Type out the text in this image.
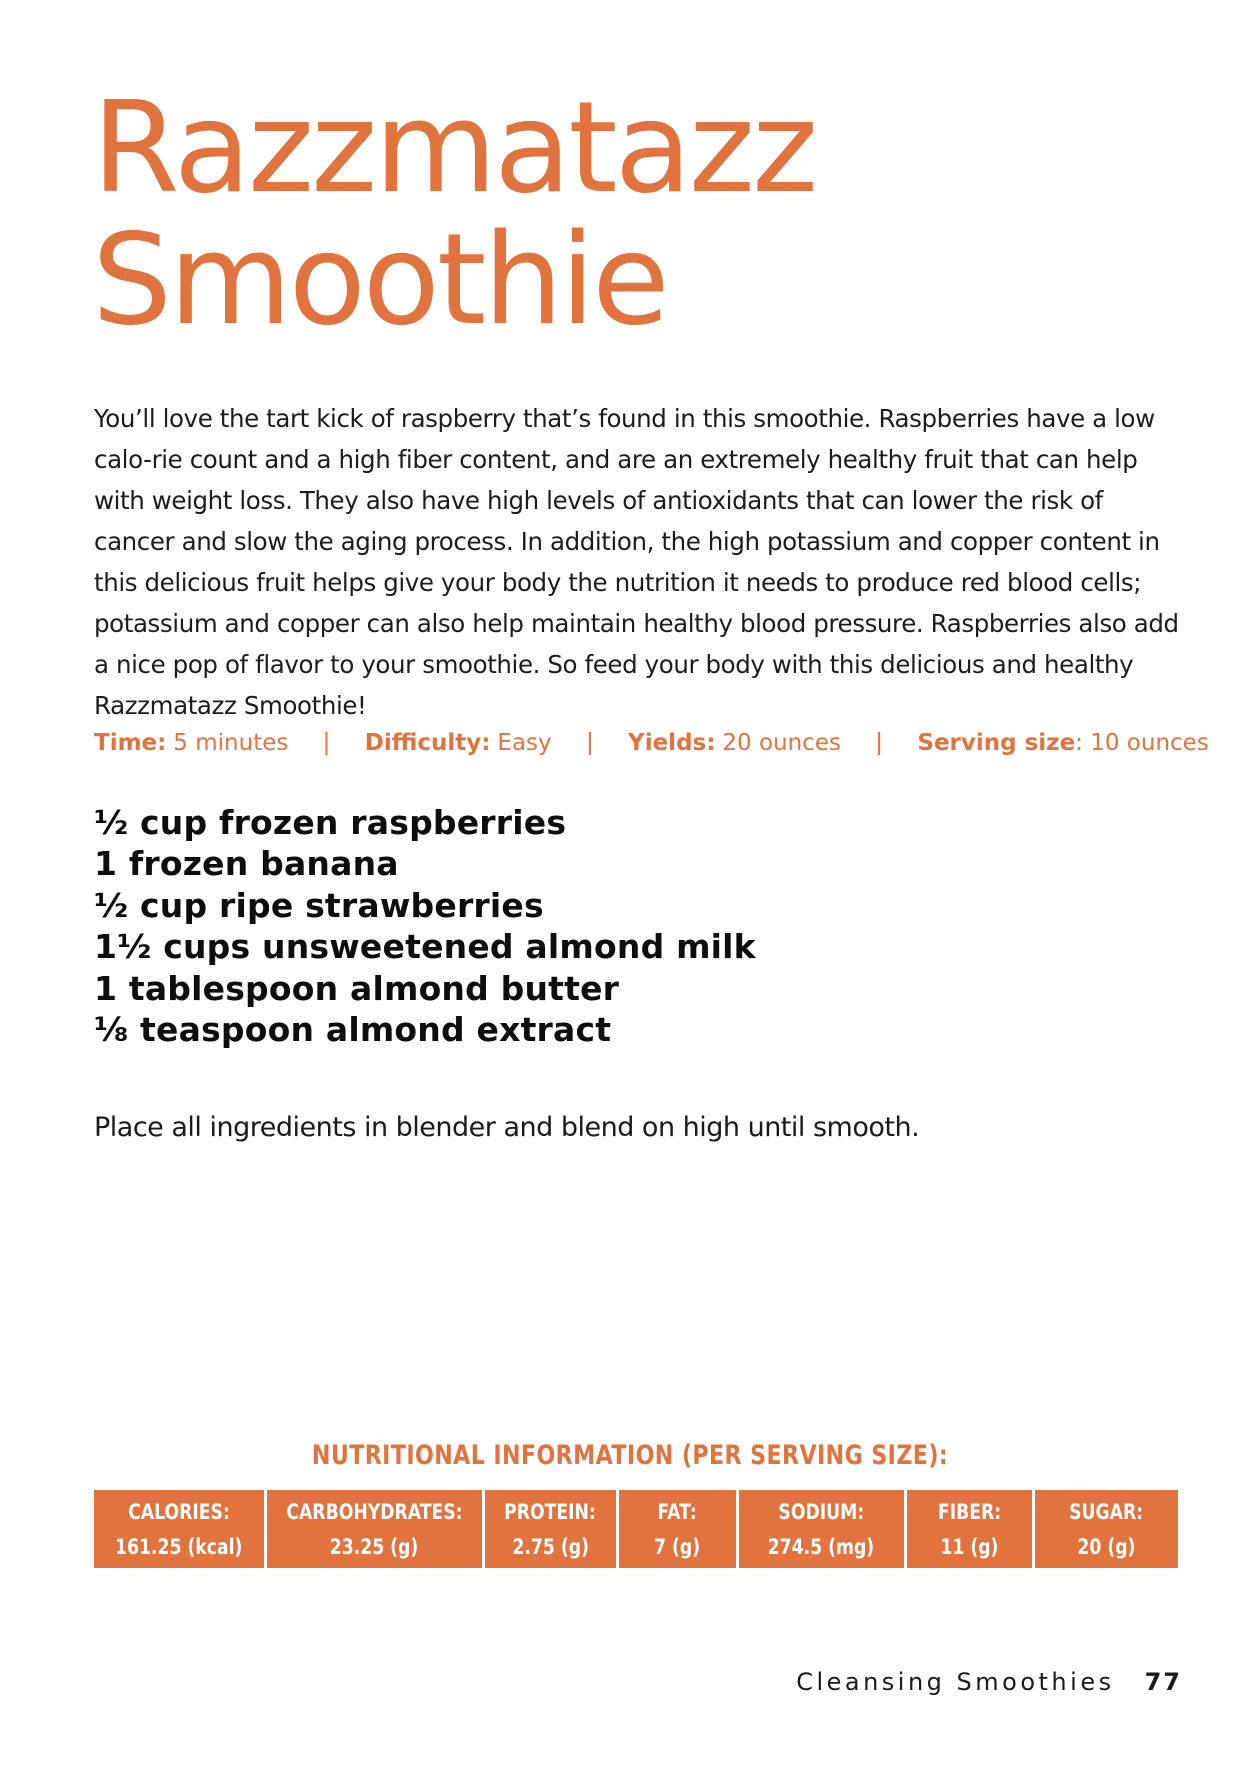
Razzmatazz
Smoothie

You’ll love the tart kick of raspberry that’s found in this smoothie. Raspberries have a low calo-rie count and a high fiber content, and are an extremely healthy fruit that can help with weight loss. They also have high levels of antioxidants that can lower the risk of cancer and slow the aging process. In addition, the high potassium and copper content in this delicious fruit helps give your body the nutrition it needs to produce red blood cells; potassium and copper can also help maintain healthy blood pressure. Raspberries also add a nice pop of flavor to your smoothie. So feed your body with this delicious and healthy Razzmatazz Smoothie!

Time: 5 minutes | Difficulty: Easy | Yields: 20 ounces | Serving size: 10 ounces
½ cup frozen raspberries
1 frozen banana
½ cup ripe strawberries
1½ cups unsweetened almond milk
1 tablespoon almond butter
⅛ teaspoon almond extract

Place all ingredients in blender and blend on high until smooth.

NUTRITIONAL INFORMATION (PER SERVING SIZE):
CALORIES:
161.25 (kcal)
CARBOHYDRATES:
23.25 (g)
PROTEIN:
2.75 (g)
FAT:
7 (g)
SODIUM:
274.5 (mg)
FIBER:
11 (g)
SUGAR:
20 (g)
Cleansing Smoothies 77
